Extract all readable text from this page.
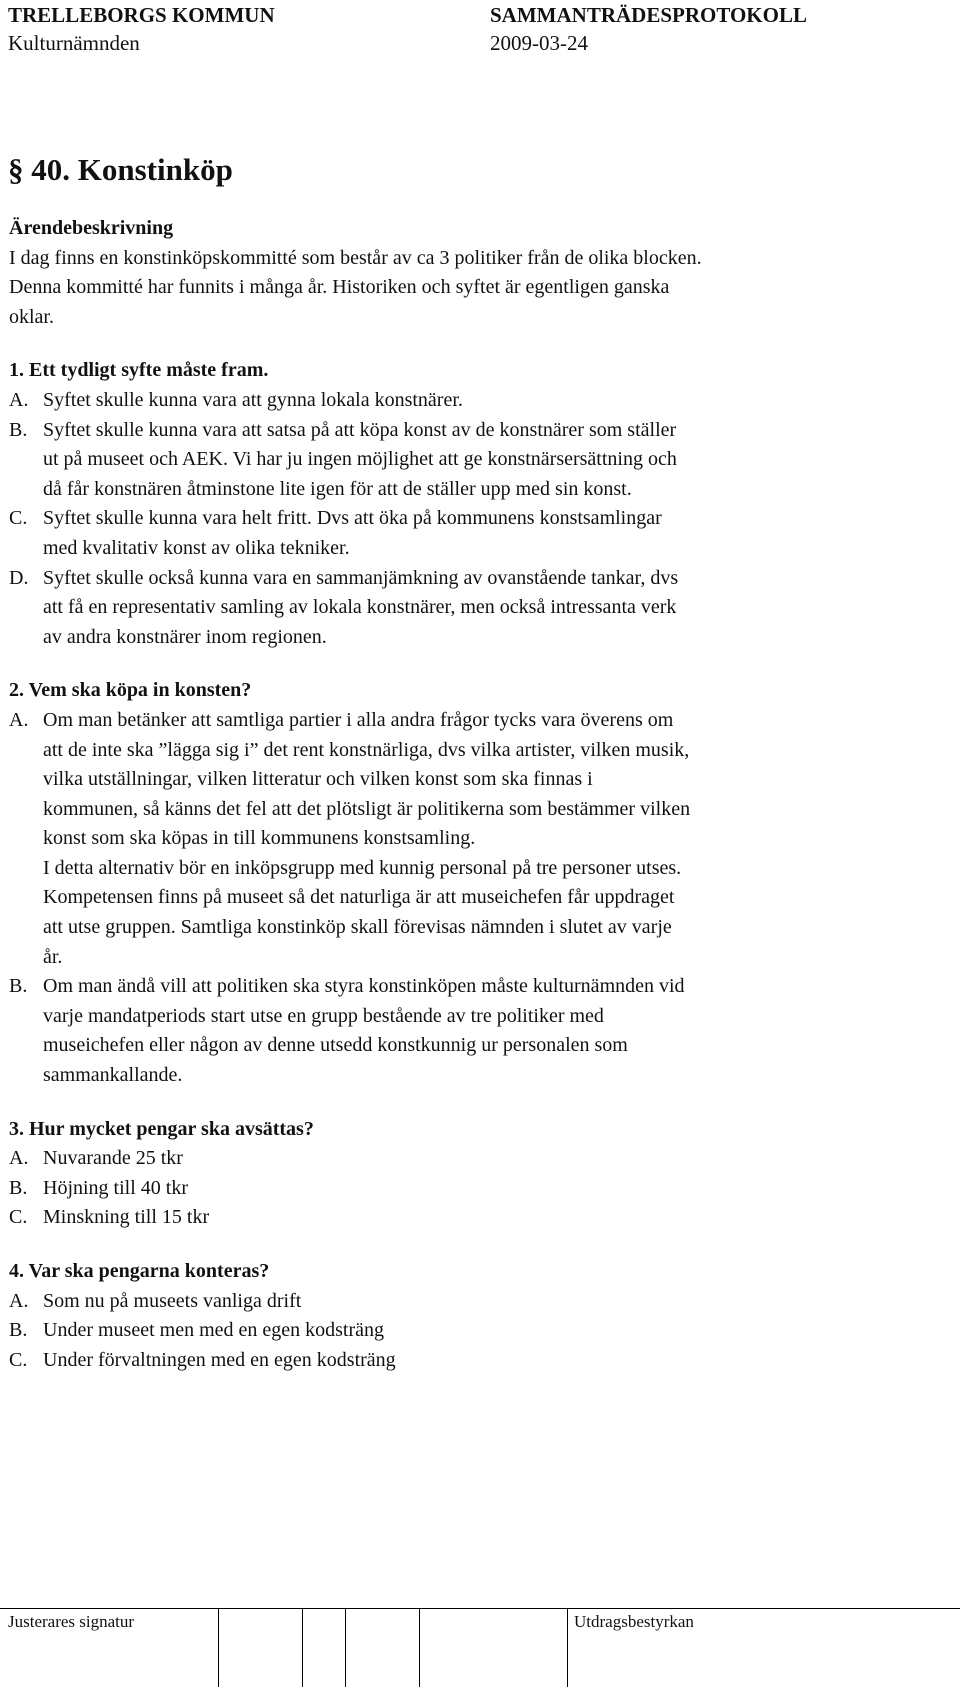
TRELLEBORGS KOMMUN	SAMMANTRÄDESPROTOKOLL
Kulturnämnden	2009-03-24
§ 40. Konstinköp
Ärendebeskrivning
I dag finns en konstinköpskommitté som består av ca 3 politiker från de olika blocken.
Denna kommitté har funnits i många år. Historiken och syftet är egentligen ganska
oklar.
1. Ett tydligt syfte måste fram.
A. Syftet skulle kunna vara att gynna lokala konstnärer.
B. Syftet skulle kunna vara att satsa på att köpa konst av de konstnärer som ställer
ut på museet och AEK. Vi har ju ingen möjlighet att ge konstnärsersättning och
då får konstnären åtminstone lite igen för att de ställer upp med sin konst.
C. Syftet skulle kunna vara helt fritt. Dvs att öka på kommunens konstsamlingar
med kvalitativ konst av olika tekniker.
D. Syftet skulle också kunna vara en sammanjämkning av ovanstående tankar, dvs
att få en representativ samling av lokala konstnärer, men också intressanta verk
av andra konstnärer inom regionen.
2. Vem ska köpa in konsten?
A. Om man betänker att samtliga partier i alla andra frågor tycks vara överens om
att de inte ska ”lägga sig i” det rent konstnärliga, dvs vilka artister, vilken musik,
vilka utställningar, vilken litteratur och vilken konst som ska finnas i
kommunen, så känns det fel att det plötsligt är politikerna som bestämmer vilken
konst som ska köpas in till kommunens konstsamling.
I detta alternativ bör en inköpsgrupp med kunnig personal på tre personer utses.
Kompetensen finns på museet så det naturliga är att museichefen får uppdraget
att utse gruppen. Samtliga konstinköp skall förevisas nämnden i slutet av varje
år.
B. Om man ändå vill att politiken ska styra konstinköpen måste kulturnämnden vid
varje mandatperiods start utse en grupp bestående av tre politiker med
museichefen eller någon av denne utsedd konstkunnig ur personalen som
sammankallande.
3. Hur mycket pengar ska avsättas?
A. Nuvarande 25 tkr
B. Höjning till 40 tkr
C. Minskning till 15 tkr
4. Var ska pengarna konteras?
A. Som nu på museets vanliga drift
B. Under museet men med en egen kodsträng
C. Under förvaltningen med en egen kodsträng
Justerares signatur	Utdragsbestyrkan
